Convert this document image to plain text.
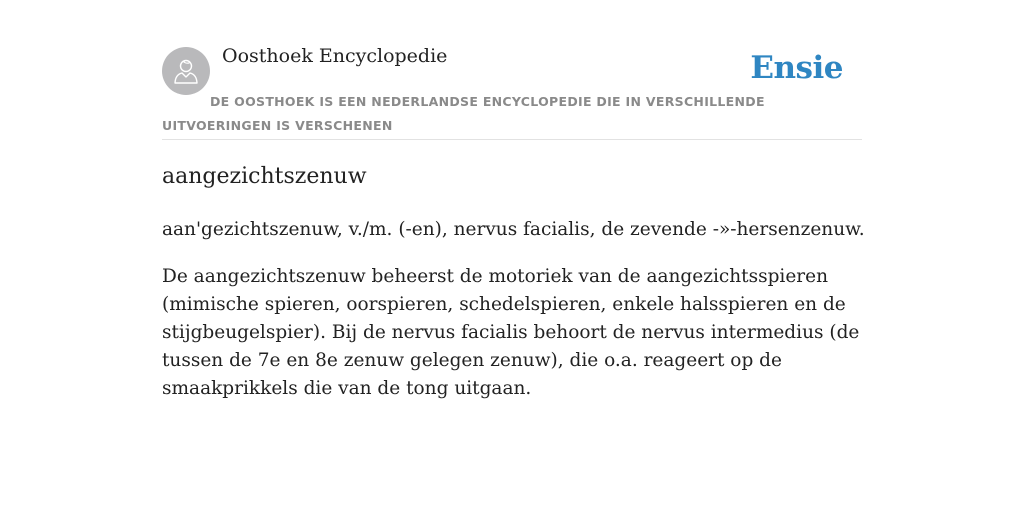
Oosthoek Encyclopedie	Ensie
DE OOSTHOEK IS EEN NEDERLANDSE ENCYCLOPEDIE DIE IN VERSCHILLENDE UITVOERINGEN IS VERSCHENEN
aangezichtszenuw

aan'gezichtszenuw, v./m. (-en), nervus facialis, de zevende -»-hersenzenuw.

De aangezichtszenuw beheerst de motoriek van de aangezichtsspieren (mimische spieren, oorspieren, schedelspieren, enkele halsspieren en de stijgbeugelspier). Bij de nervus facialis behoort de nervus intermedius (de tussen de 7e en 8e zenuw gelegen zenuw), die o.a. reageert op de smaakprikkels die van de tong uitgaan.
